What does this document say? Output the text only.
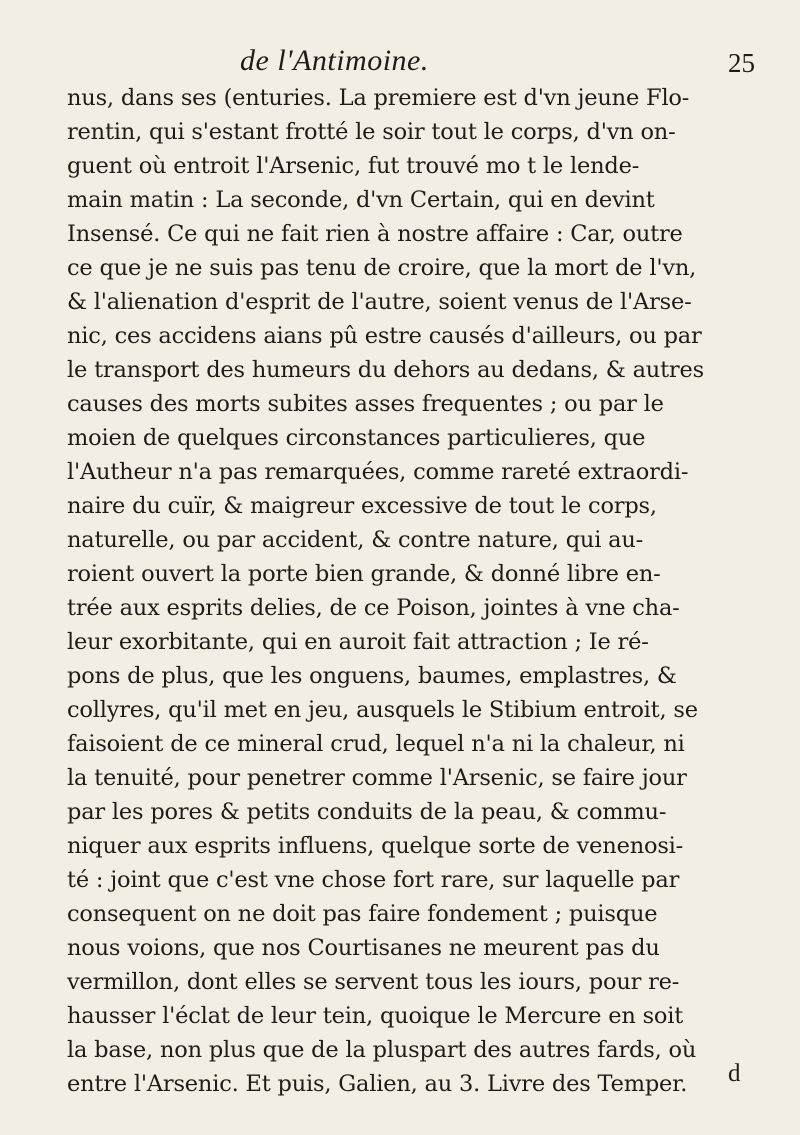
de l'Antimoine.	25
nus, dans ses (enturies. La premiere est d'vn jeune Flo-
rentin, qui s'estant frotté le soir tout le corps, d'vn on-
guent où entroit l'Arsenic, fut trouvé mo t le lende-
main matin : La seconde, d'vn Certain, qui en devint
Insensé. Ce qui ne fait rien à nostre affaire : Car, outre
ce que je ne suis pas tenu de croire, que la mort de l'vn,
& l'alienation d'esprit de l'autre, soient venus de l'Arse-
nic, ces accidens aians pû estre causés d'ailleurs, ou par
le transport des humeurs du dehors au dedans, & autres
causes des morts subites asses frequentes ; ou par le
moien de quelques circonstances particulieres, que
l'Autheur n'a pas remarquées, comme rareté extraordi-
naire du cuïr, & maigreur excessive de tout le corps,
naturelle, ou par accident, & contre nature, qui au-
roient ouvert la porte bien grande, & donné libre en-
trée aux esprits delies, de ce Poison, jointes à vne cha-
leur exorbitante, qui en auroit fait attraction ; Ie ré-
pons de plus, que les onguens, baumes, emplastres, &
collyres, qu'il met en jeu, ausquels le Stibium entroit, se
faisoient de ce mineral crud, lequel n'a ni la chaleur, ni
la tenuité, pour penetrer comme l'Arsenic, se faire jour
par les pores & petits conduits de la peau, & commu-
niquer aux esprits influens, quelque sorte de venenosi-
té : joint que c'est vne chose fort rare, sur laquelle par
consequent on ne doit pas faire fondement ; puisque
nous voions, que nos Courtisanes ne meurent pas du
vermillon, dont elles se servent tous les iours, pour re-
hausser l'éclat de leur tein, quoique le Mercure en soit
la base, non plus que de la pluspart des autres fards, où
entre l'Arsenic. Et puis, Galien, au 3. Livre des Temper.	d
